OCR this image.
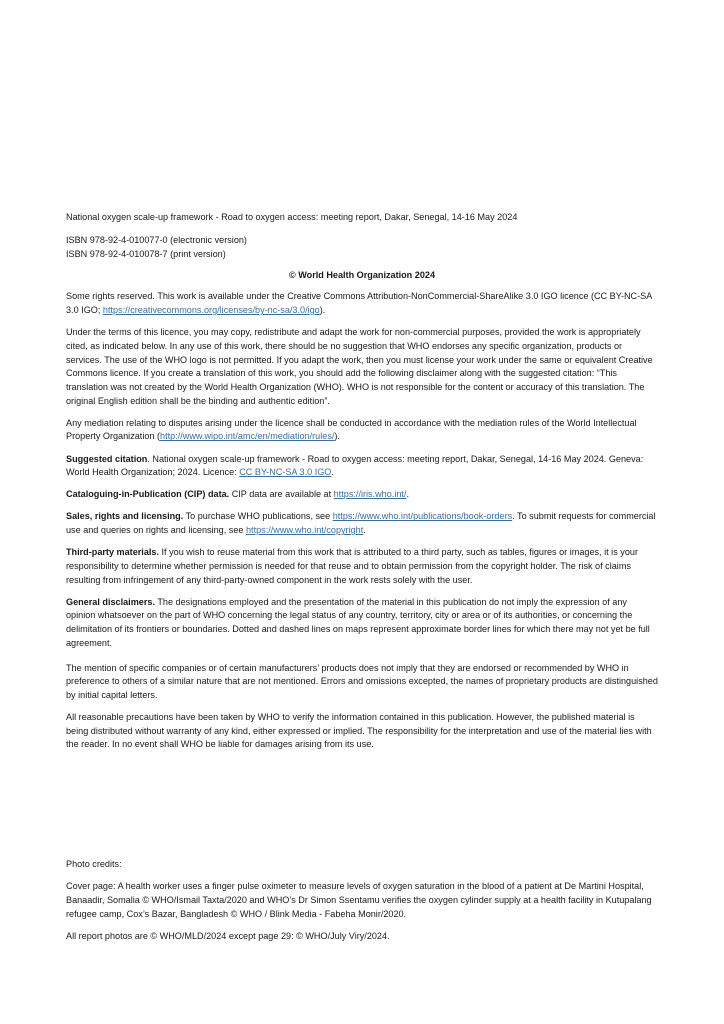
National oxygen scale-up framework - Road to oxygen access: meeting report, Dakar, Senegal, 14-16 May 2024

ISBN 978-92-4-010077-0 (electronic version)
ISBN 978-92-4-010078-7 (print version)

© World Health Organization 2024

Some rights reserved. This work is available under the Creative Commons Attribution-NonCommercial-ShareAlike 3.0 IGO licence (CC BY-NC-SA 3.0 IGO; https://creativecommons.org/licenses/by-nc-sa/3.0/igo).

Under the terms of this licence, you may copy, redistribute and adapt the work for non-commercial purposes, provided the work is appropriately cited, as indicated below. In any use of this work, there should be no suggestion that WHO endorses any specific organization, products or services. The use of the WHO logo is not permitted. If you adapt the work, then you must license your work under the same or equivalent Creative Commons licence. If you create a translation of this work, you should add the following disclaimer along with the suggested citation: “This translation was not created by the World Health Organization (WHO). WHO is not responsible for the content or accuracy of this translation. The original English edition shall be the binding and authentic edition”.

Any mediation relating to disputes arising under the licence shall be conducted in accordance with the mediation rules of the World Intellectual Property Organization (http://www.wipo.int/amc/en/mediation/rules/).

Suggested citation. National oxygen scale-up framework - Road to oxygen access: meeting report, Dakar, Senegal, 14-16 May 2024. Geneva: World Health Organization; 2024. Licence: CC BY-NC-SA 3.0 IGO.

Cataloguing-in-Publication (CIP) data. CIP data are available at https://iris.who.int/.

Sales, rights and licensing. To purchase WHO publications, see https://www.who.int/publications/book-orders. To submit requests for commercial use and queries on rights and licensing, see https://www.who.int/copyright.

Third-party materials. If you wish to reuse material from this work that is attributed to a third party, such as tables, figures or images, it is your responsibility to determine whether permission is needed for that reuse and to obtain permission from the copyright holder. The risk of claims resulting from infringement of any third-party-owned component in the work rests solely with the user.

General disclaimers. The designations employed and the presentation of the material in this publication do not imply the expression of any opinion whatsoever on the part of WHO concerning the legal status of any country, territory, city or area or of its authorities, or concerning the delimitation of its frontiers or boundaries. Dotted and dashed lines on maps represent approximate border lines for which there may not yet be full agreement.

The mention of specific companies or of certain manufacturers’ products does not imply that they are endorsed or recommended by WHO in preference to others of a similar nature that are not mentioned. Errors and omissions excepted, the names of proprietary products are distinguished by initial capital letters.

All reasonable precautions have been taken by WHO to verify the information contained in this publication. However, the published material is being distributed without warranty of any kind, either expressed or implied. The responsibility for the interpretation and use of the material lies with the reader. In no event shall WHO be liable for damages arising from its use.

Photo credits:

Cover page: A health worker uses a finger pulse oximeter to measure levels of oxygen saturation in the blood of a patient at De Martini Hospital, Banaadir, Somalia © WHO/Ismail Taxta/2020 and WHO’s Dr Simon Ssentamu verifies the oxygen cylinder supply at a health facility in Kutupalang refugee camp, Cox’s Bazar, Bangladesh © WHO / Blink Media - Fabeha Monir/2020.

All report photos are © WHO/MLD/2024 except page 29: © WHO/July Viry/2024.
